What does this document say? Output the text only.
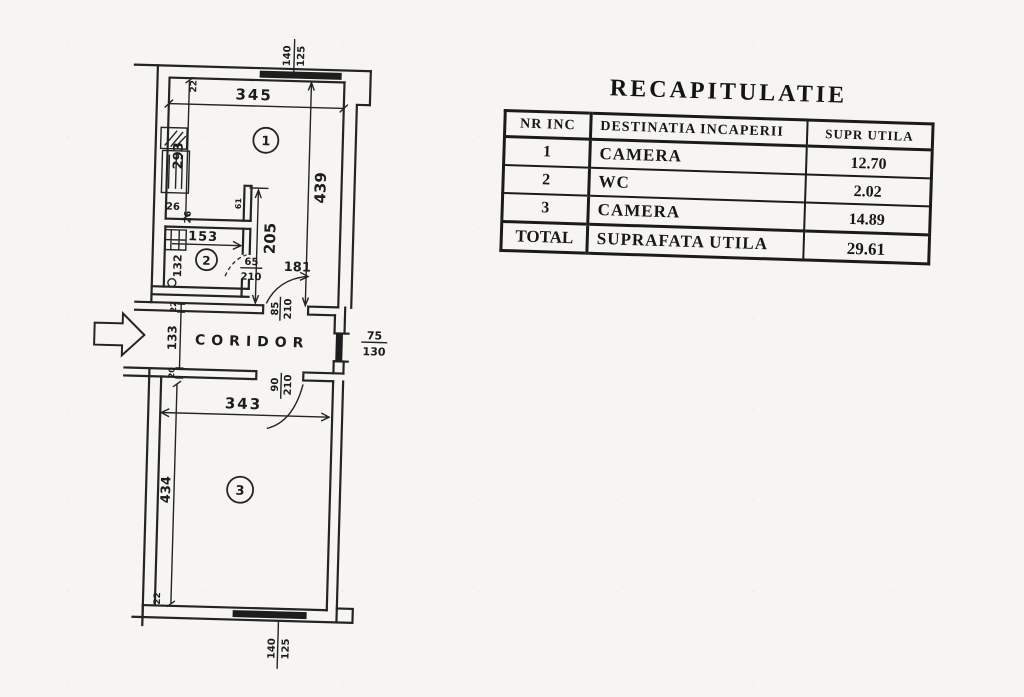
140 125
345
22
293
1
439
26
26
61
153
2
132	65
210
205
181
85 210
22
133
20
CORIDOR	75
130
90 210
343
3
434
22
140 125
RECAPITULATIE
NR INC	DESTINATIA INCAPERII	SUPR UTILA
1	CAMERA	12.70
2	WC	2.02
3	CAMERA	14.89
TOTAL	SUPRAFATA UTILA	29.61
